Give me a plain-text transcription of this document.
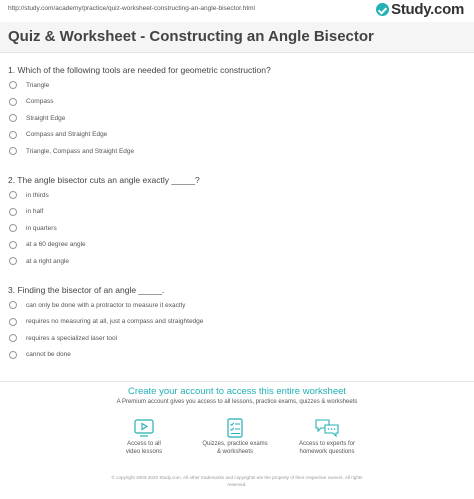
http://study.com/academy/practice/quiz-worksheet-constructing-an-angle-bisector.html	Study.com
Quiz & Worksheet - Constructing an Angle Bisector
1. Which of the following tools are needed for geometric construction?
Triangle
Compass
Straight Edge
Compass and Straight Edge
Triangle, Compass and Straight Edge
2. The angle bisector cuts an angle exactly _____?
in thirds
in half
in quarters
at a 60 degree angle
at a right angle
3. Finding the bisector of an angle _____.
can only be done with a protractor to measure it exactly
requires no measuring at all, just a compass and straightedge
requires a specialized laser tool
cannot be done
Create your account to access this entire worksheet
A Premium account gives you access to all lessons, practice exams, quizzes & worksheets
Access to all
video lessons
Quizzes, practice exams
& worksheets
Access to experts for
homework questions
© copyright 2003-2020 Study.com. All other trademarks and copyrights are the property of their respective owners. All rights
reserved.
